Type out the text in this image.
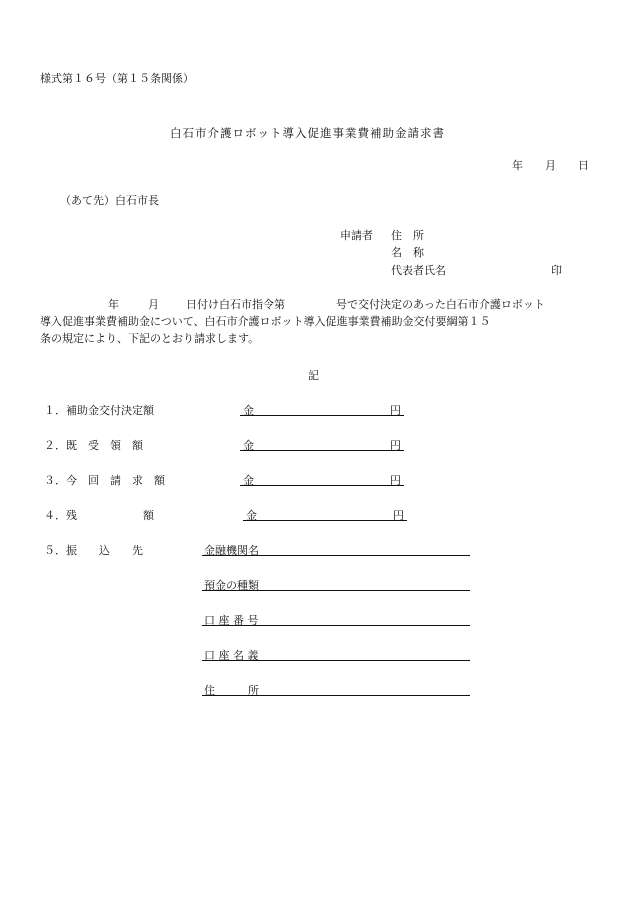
様式第１６号（第１５条関係）
白石市介護ロボット導入促進事業費補助金請求書
年 月 日
（あて先）白石市長
申請者 住　所
名　称
代表者氏名	印
年	月 日付け白石市指令第	号で交付決定のあった白石市介護ロボット
導入促進事業費補助金について、白石市介護ロボット導入促進事業費補助金交付要綱第１５
条の規定により、下記のとおり請求します。
記
１．補助金交付決定額	金	円
２．既　受　領　額	金	円
３．今　回　請　求　額	金	円
４．残　　　　　　額	金	円
５．振　　込　　先	金融機関名
預金の種類
口 座 番 号
口 座 名 義
住　　　所
